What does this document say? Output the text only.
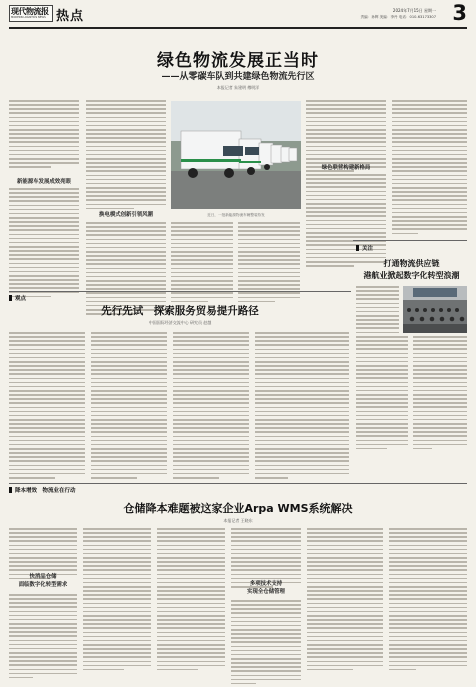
现代物流报
MODERN LOGISTICS NEWS 热点	2024年7月15日 星期一
责编：孙辉 美编：李丹 电话：010-63173307 3
绿色物流发展正当时
——从零碳车队到共建绿色物流先行区
本报记者 朱建明 傅明洋
新能源车发展成效亮眼
换电模式创新引领风潮	近日，一批新能源物流车辆整装待发
绿色联营构建新格局
关注
打通物流供应链
港航业掀起数字化转型浪潮
观点
先行先试　探索服务贸易提升路径
中国国际经济交流中心 研究员 赵越
降本增效　物流业在行动
仓储降本难题被这家企业Arpa WMS系统解决
本报记者 王晓东
快消品仓储
面临数字化转型需求	多项技术支持
实现全仓储管理
